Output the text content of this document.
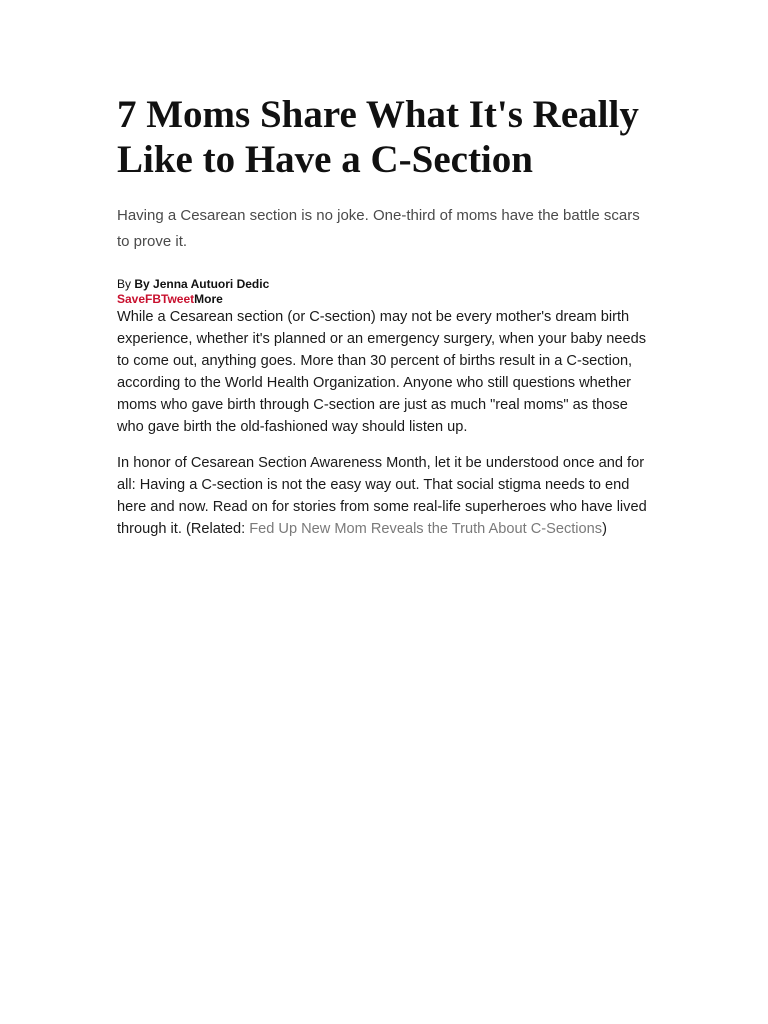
7 Moms Share What It's Really Like to Have a C-Section

Having a Cesarean section is no joke. One-third of moms have the battle scars to prove it.

By By Jenna Autuori Dedic
SaveFBTweetMore

While a Cesarean section (or C-section) may not be every mother's dream birth experience, whether it's planned or an emergency surgery, when your baby needs to come out, anything goes. More than 30 percent of births result in a C-section, according to the World Health Organization. Anyone who still questions whether moms who gave birth through C-section are just as much "real moms" as those who gave birth the old-fashioned way should listen up.

In honor of Cesarean Section Awareness Month, let it be understood once and for all: Having a C-section is not the easy way out. That social stigma needs to end here and now. Read on for stories from some real-life superheroes who have lived through it. (Related: Fed Up New Mom Reveals the Truth About C-Sections)
